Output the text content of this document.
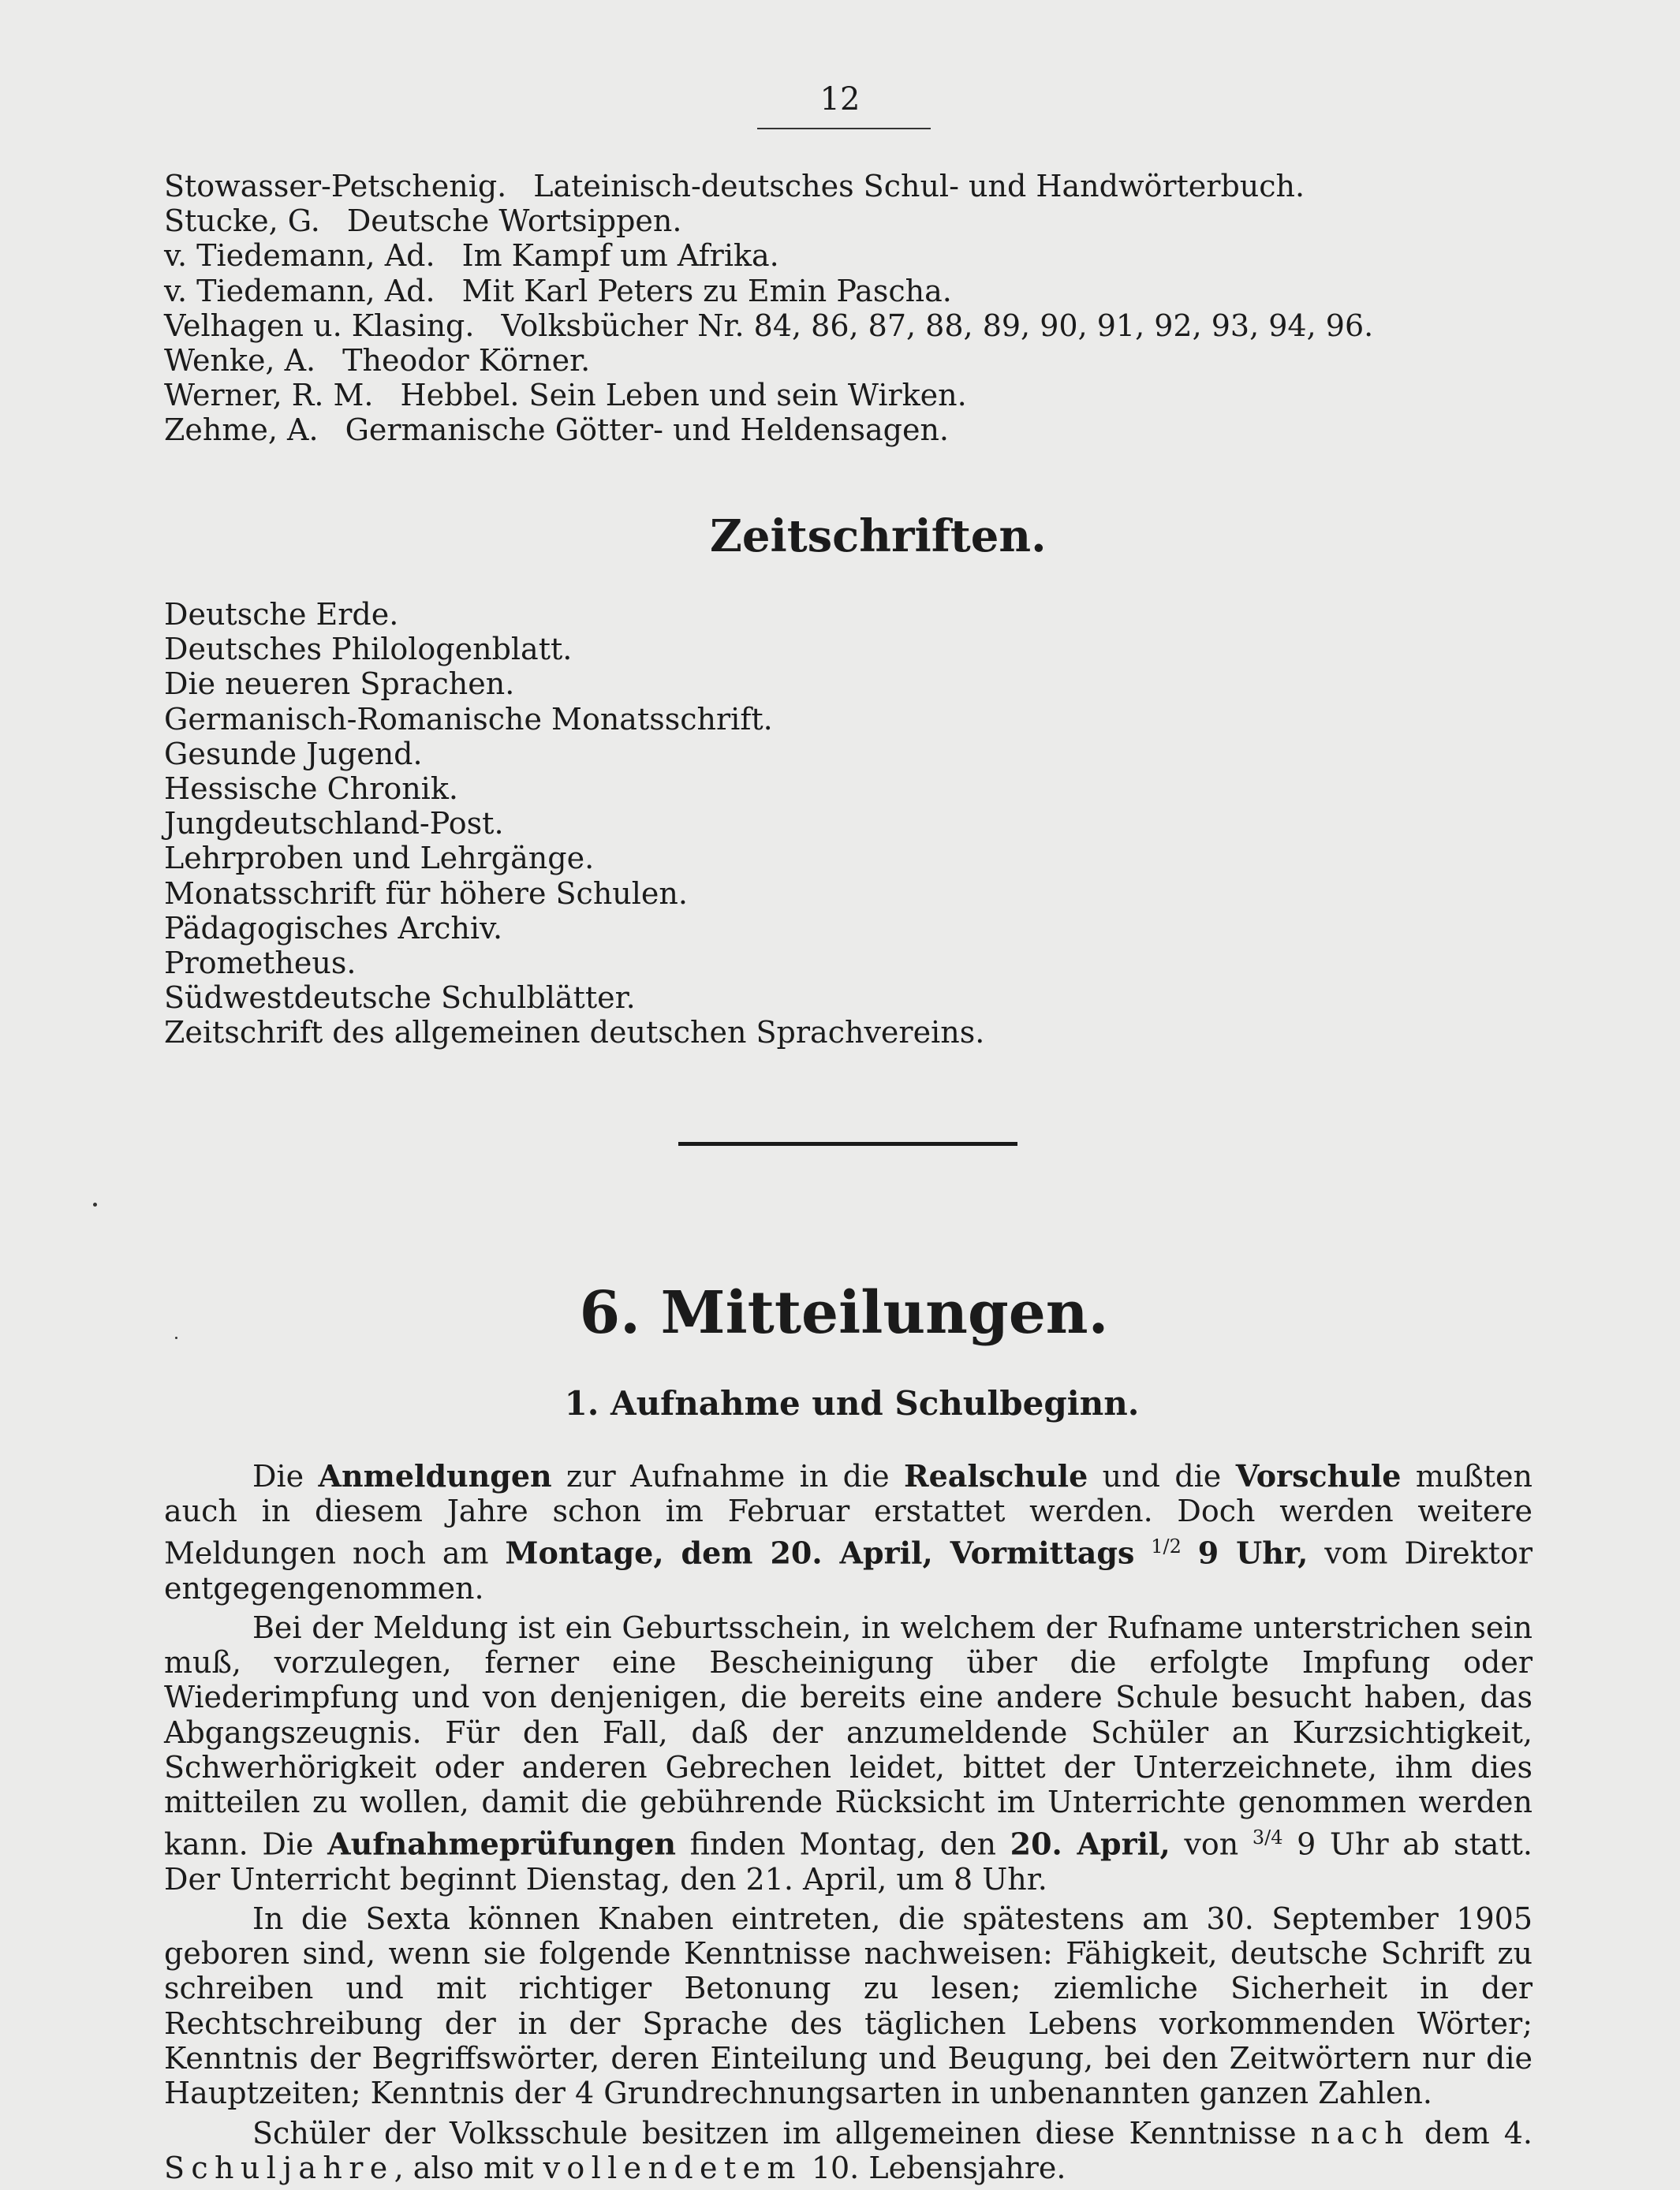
12
Stowasser-Petschenig. Lateinisch-deutsches Schul- und Handwörterbuch.
Stucke, G. Deutsche Wortsippen.
v. Tiedemann, Ad. Im Kampf um Afrika.
v. Tiedemann, Ad. Mit Karl Peters zu Emin Pascha.
Velhagen u. Klasing. Volksbücher Nr. 84, 86, 87, 88, 89, 90, 91, 92, 93, 94, 96.
Wenke, A. Theodor Körner.
Werner, R. M. Hebbel. Sein Leben und sein Wirken.
Zehme, A. Germanische Götter- und Heldensagen.
Zeitschriften.
Deutsche Erde.
Deutsches Philologenblatt.
Die neueren Sprachen.
Germanisch-Romanische Monatsschrift.
Gesunde Jugend.
Hessische Chronik.
Jungdeutschland-Post.
Lehrproben und Lehrgänge.
Monatsschrift für höhere Schulen.
Pädagogisches Archiv.
Prometheus.
Südwestdeutsche Schulblätter.
Zeitschrift des allgemeinen deutschen Sprachvereins.
6. Mitteilungen.
1. Aufnahme und Schulbeginn.

Die Anmeldungen zur Aufnahme in die Realschule und die Vorschule mußten auch in diesem Jahre schon im Februar erstattet werden. Doch werden weitere Meldungen noch am Montage, dem 20. April, Vormittags $^{1/2}$ 9 Uhr, vom Direktor entgegengenommen.

Bei der Meldung ist ein Geburtsschein, in welchem der Rufname unterstrichen sein muß, vorzulegen, ferner eine Bescheinigung über die erfolgte Impfung oder Wiederimpfung und von denjenigen, die bereits eine andere Schule besucht haben, das Abgangszeugnis. Für den Fall, daß der anzumeldende Schüler an Kurzsichtigkeit, Schwerhörigkeit oder anderen Gebrechen leidet, bittet der Unterzeichnete, ihm dies mitteilen zu wollen, damit die gebührende Rücksicht im Unterrichte genommen werden kann. Die Aufnahmeprüfungen finden Montag, den 20. April, von $^{3/4}$ 9 Uhr ab statt. Der Unterricht beginnt Dienstag, den 21. April, um 8 Uhr.

In die Sexta können Knaben eintreten, die spätestens am 30. September 1905 geboren sind, wenn sie folgende Kenntnisse nachweisen: Fähigkeit, deutsche Schrift zu schreiben und mit richtiger Betonung zu lesen; ziemliche Sicherheit in der Rechtschreibung der in der Sprache des täglichen Lebens vorkommenden Wörter; Kenntnis der Begriffswörter, deren Einteilung und Beugung, bei den Zeitwörtern nur die Hauptzeiten; Kenntnis der 4 Grundrechnungsarten in unbenannten ganzen Zahlen.

Schüler der Volksschule besitzen im allgemeinen diese Kenntnisse nach dem 4. Schuljahre, also mit vollendetem 10. Lebensjahre.
